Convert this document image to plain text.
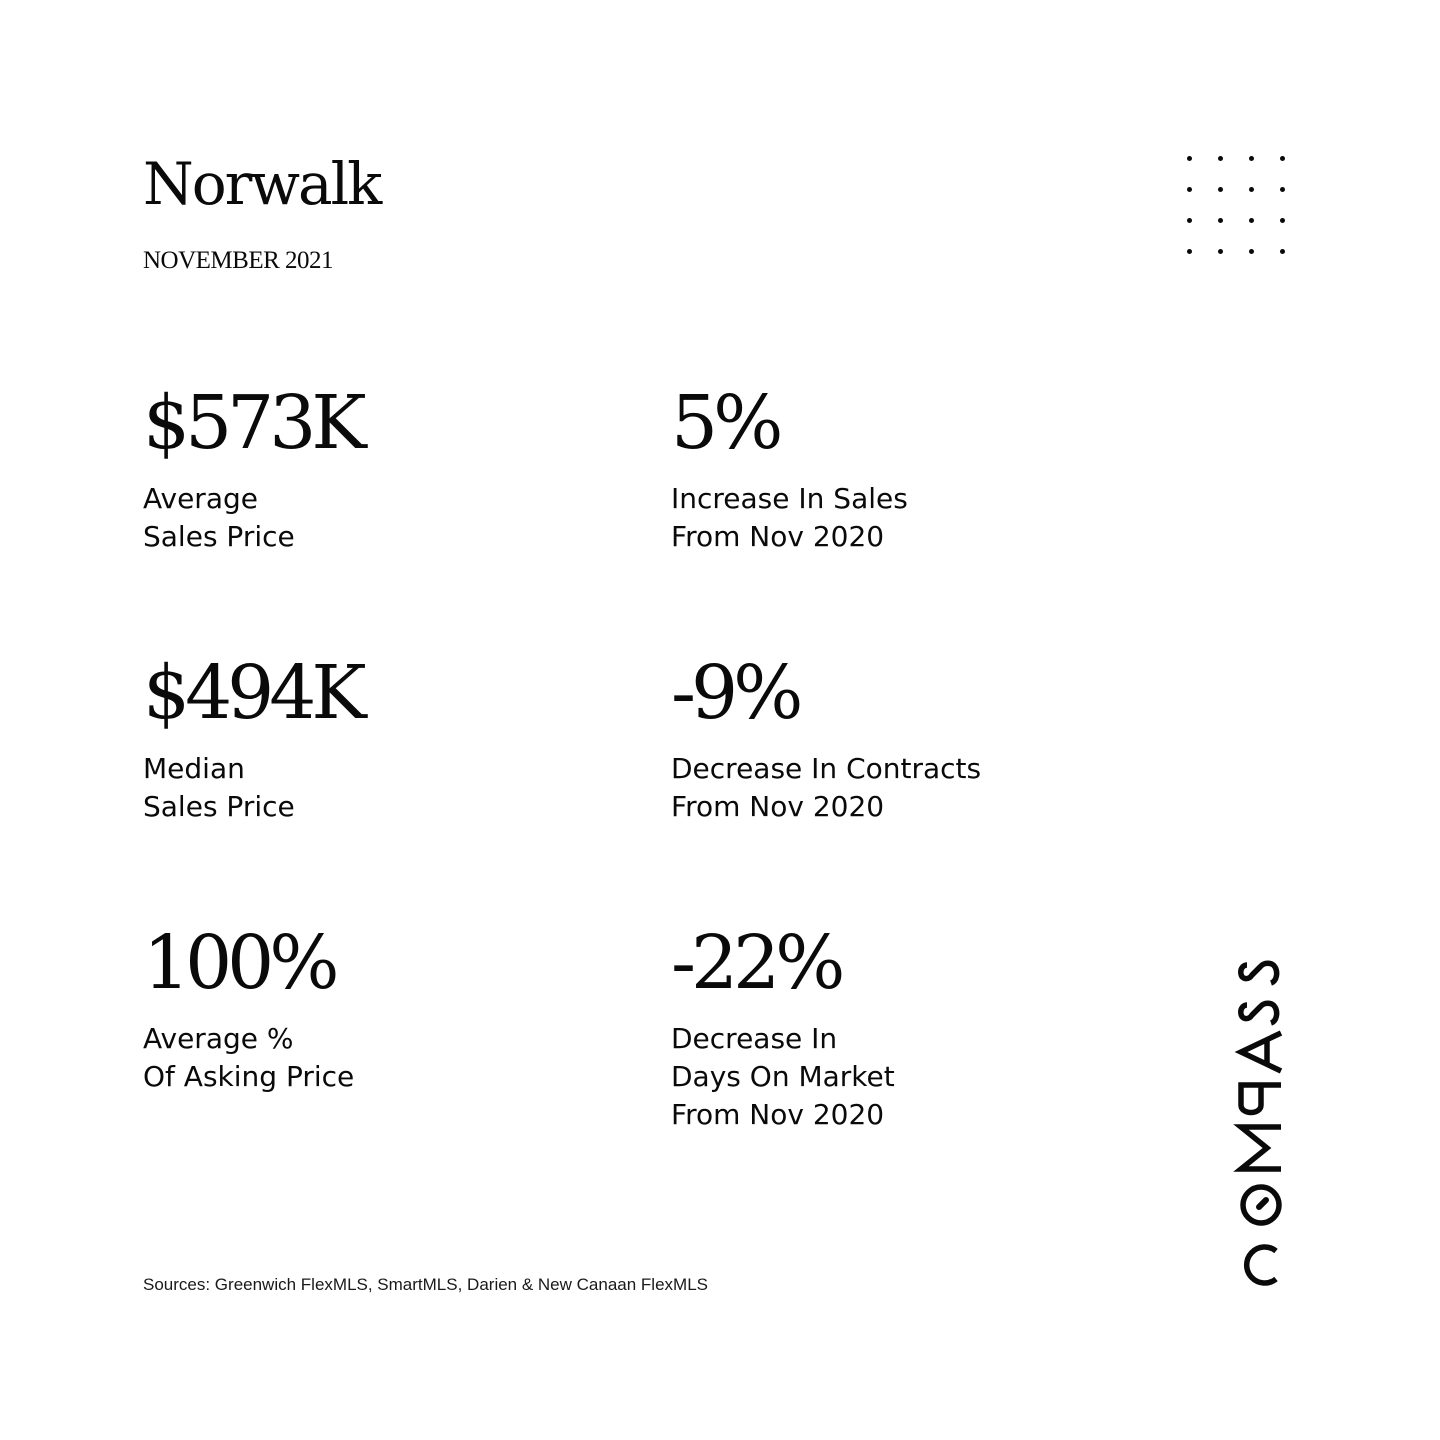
Norwalk

NOVEMBER 2021

$573K

Average
Sales Price

5%

Increase In Sales
From Nov 2020

$494K

Median
Sales Price

-9%

Decrease In Contracts
From Nov 2020

100%

Average %
Of Asking Price

-22%

Decrease In
Days On Market
From Nov 2020

Sources: Greenwich FlexMLS, SmartMLS, Darien & New Canaan FlexMLS
